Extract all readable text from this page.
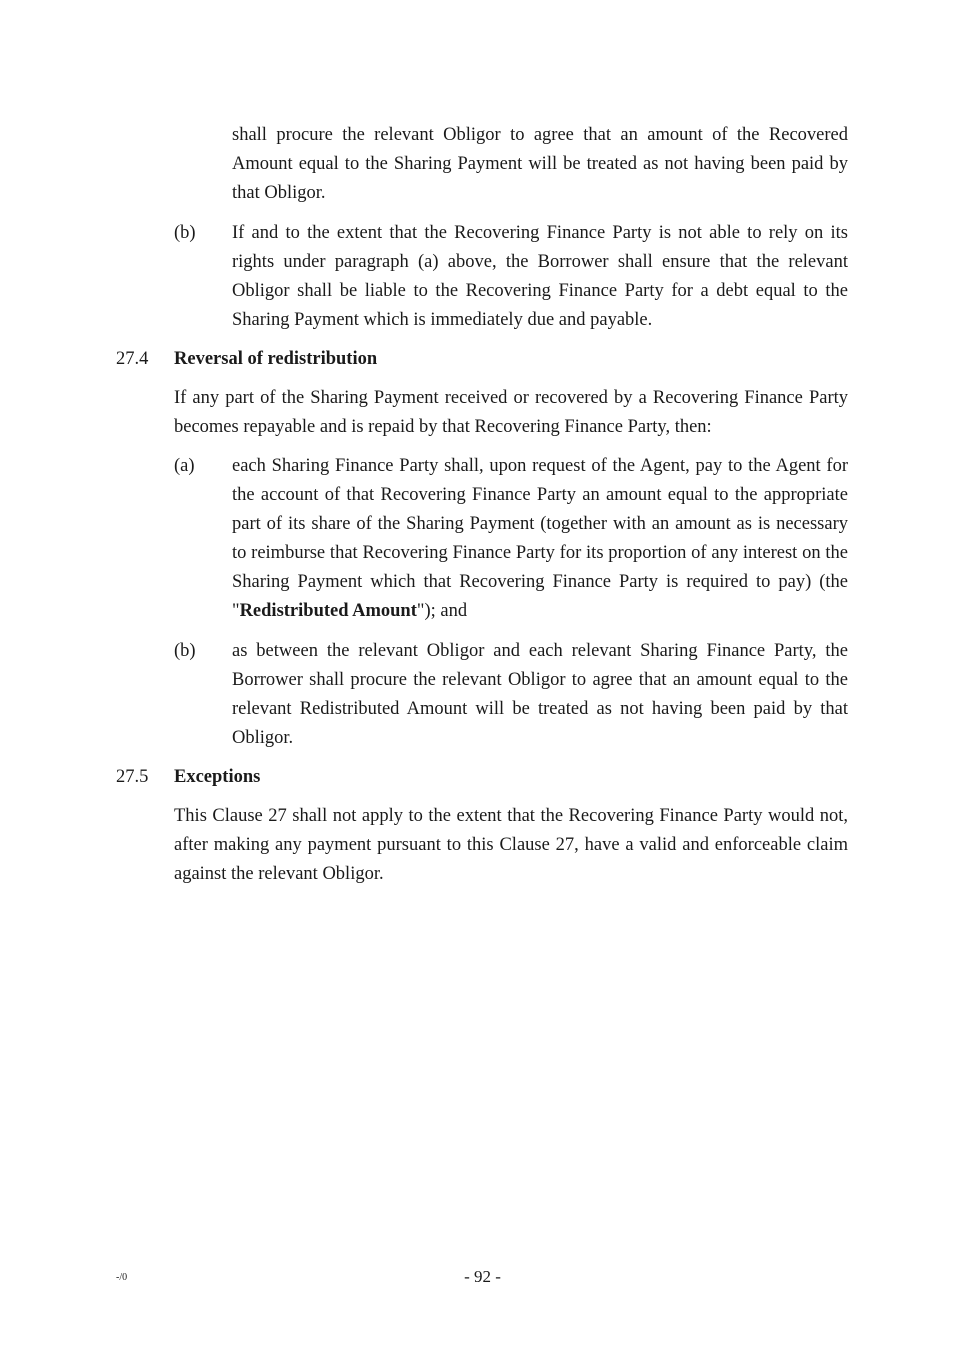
shall procure the relevant Obligor to agree that an amount of the Recovered Amount equal to the Sharing Payment will be treated as not having been paid by that Obligor.

(b) If and to the extent that the Recovering Finance Party is not able to rely on its rights under paragraph (a) above, the Borrower shall ensure that the relevant Obligor shall be liable to the Recovering Finance Party for a debt equal to the Sharing Payment which is immediately due and payable.

27.4 Reversal of redistribution

If any part of the Sharing Payment received or recovered by a Recovering Finance Party becomes repayable and is repaid by that Recovering Finance Party, then:

(a) each Sharing Finance Party shall, upon request of the Agent, pay to the Agent for the account of that Recovering Finance Party an amount equal to the appropriate part of its share of the Sharing Payment (together with an amount as is necessary to reimburse that Recovering Finance Party for its proportion of any interest on the Sharing Payment which that Recovering Finance Party is required to pay) (the "Redistributed Amount"); and

(b) as between the relevant Obligor and each relevant Sharing Finance Party, the Borrower shall procure the relevant Obligor to agree that an amount equal to the relevant Redistributed Amount will be treated as not having been paid by that Obligor.

27.5 Exceptions

This Clause 27 shall not apply to the extent that the Recovering Finance Party would not, after making any payment pursuant to this Clause 27, have a valid and enforceable claim against the relevant Obligor.

-/0	- 92 -
